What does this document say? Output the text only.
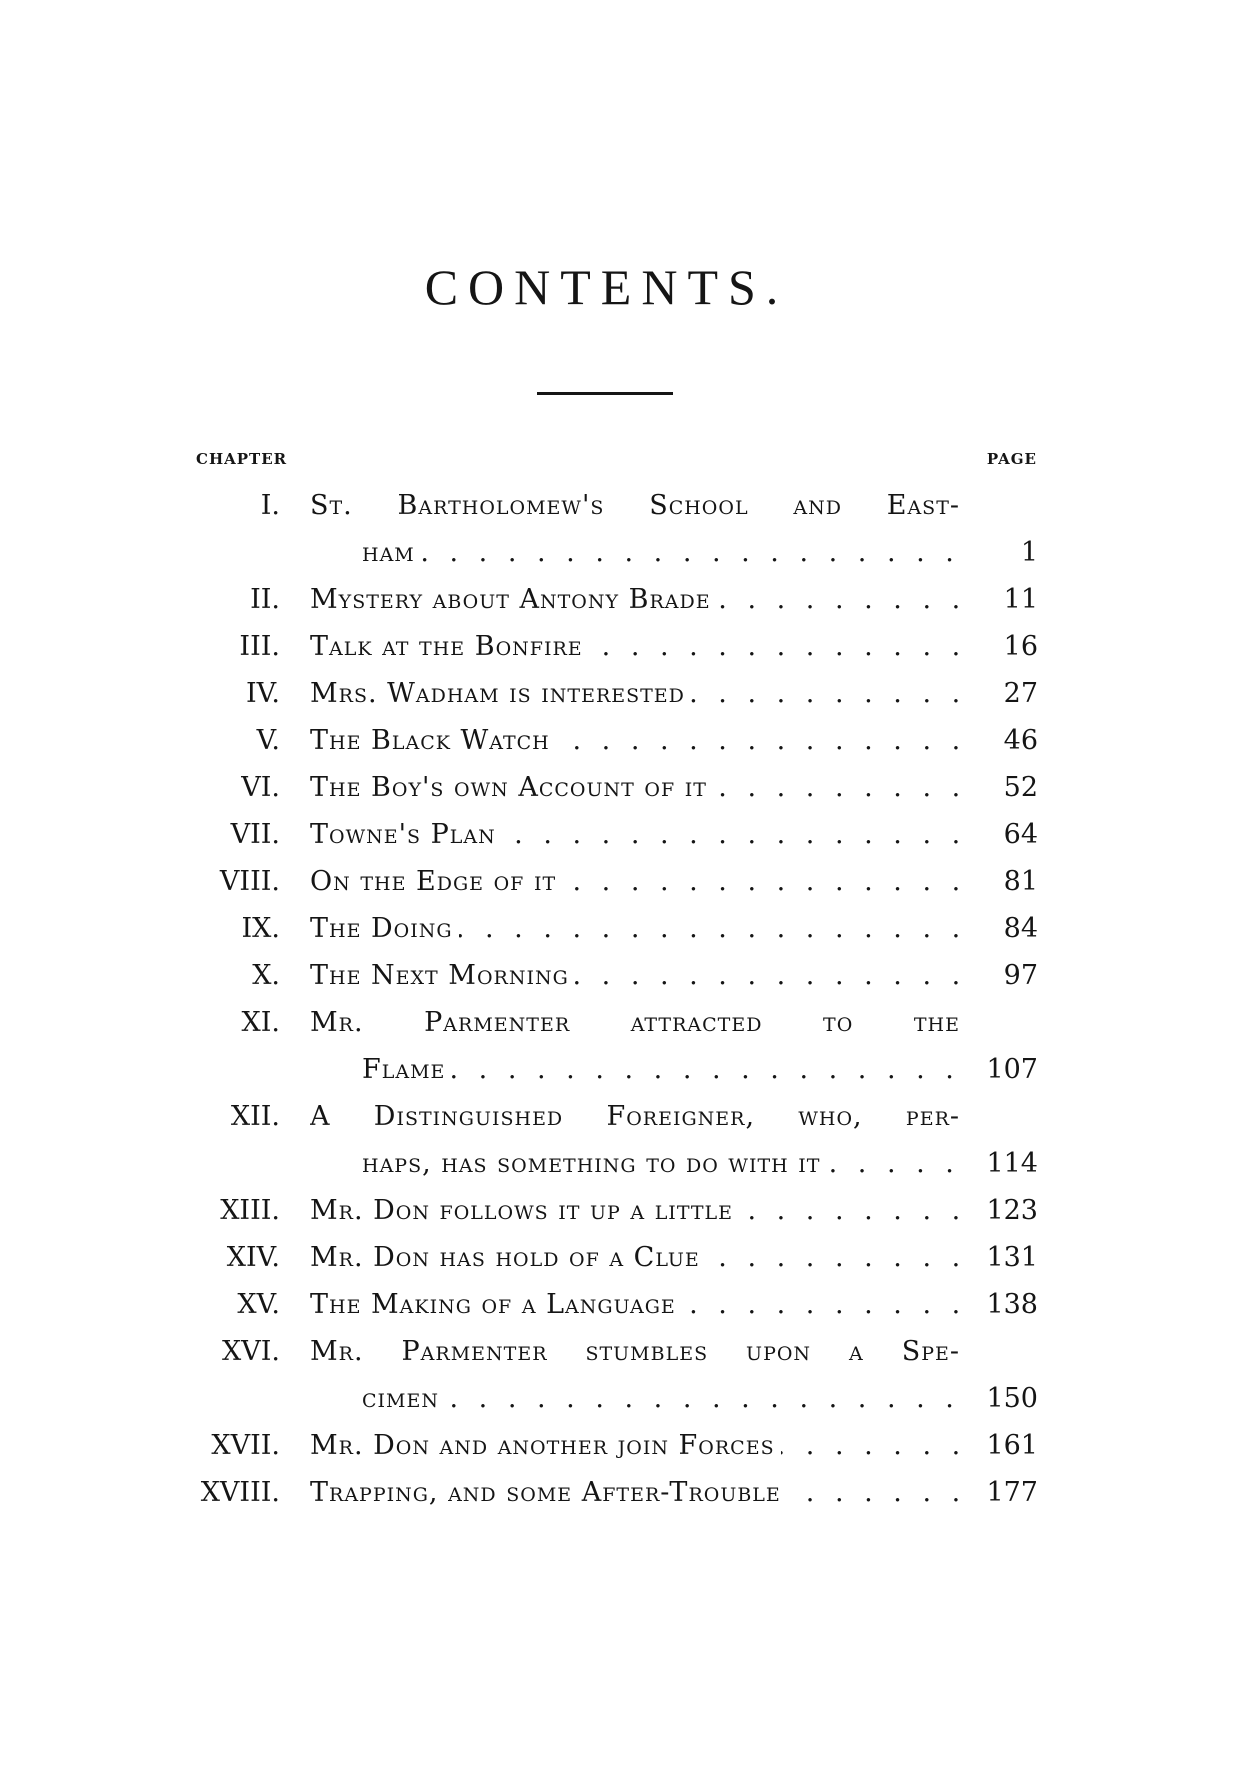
CONTENTS.
CHAPTER	PAGE
I. St. Bartholomew's School and East-
ham . . .	1
II. Mystery about Antony Brade . . .	11
III. Talk at the Bonfire . . .	16
IV. Mrs. Wadham is interested . . .	27
V. The Black Watch . . .	46
VI. The Boy's own Account of it . . .	52
VII. Towne's Plan . . .	64
VIII. On the Edge of it . . .	81
IX. The Doing . . .	84
X. The Next Morning . . .	97
XI. Mr. Parmenter attracted to the
Flame . . .	107
XII. A Distinguished Foreigner, who, per-
haps, has something to do with it . . .	114
XIII. Mr. Don follows it up a little . . .	123
XIV. Mr. Don has hold of a Clue . . .	131
XV. The Making of a Language . . .	138
XVI. Mr. Parmenter stumbles upon a Spe-
cimen . . .	150
XVII. Mr. Don and another join Forces . . .	161
XVIII. Trapping, and some After-Trouble . . .	177
